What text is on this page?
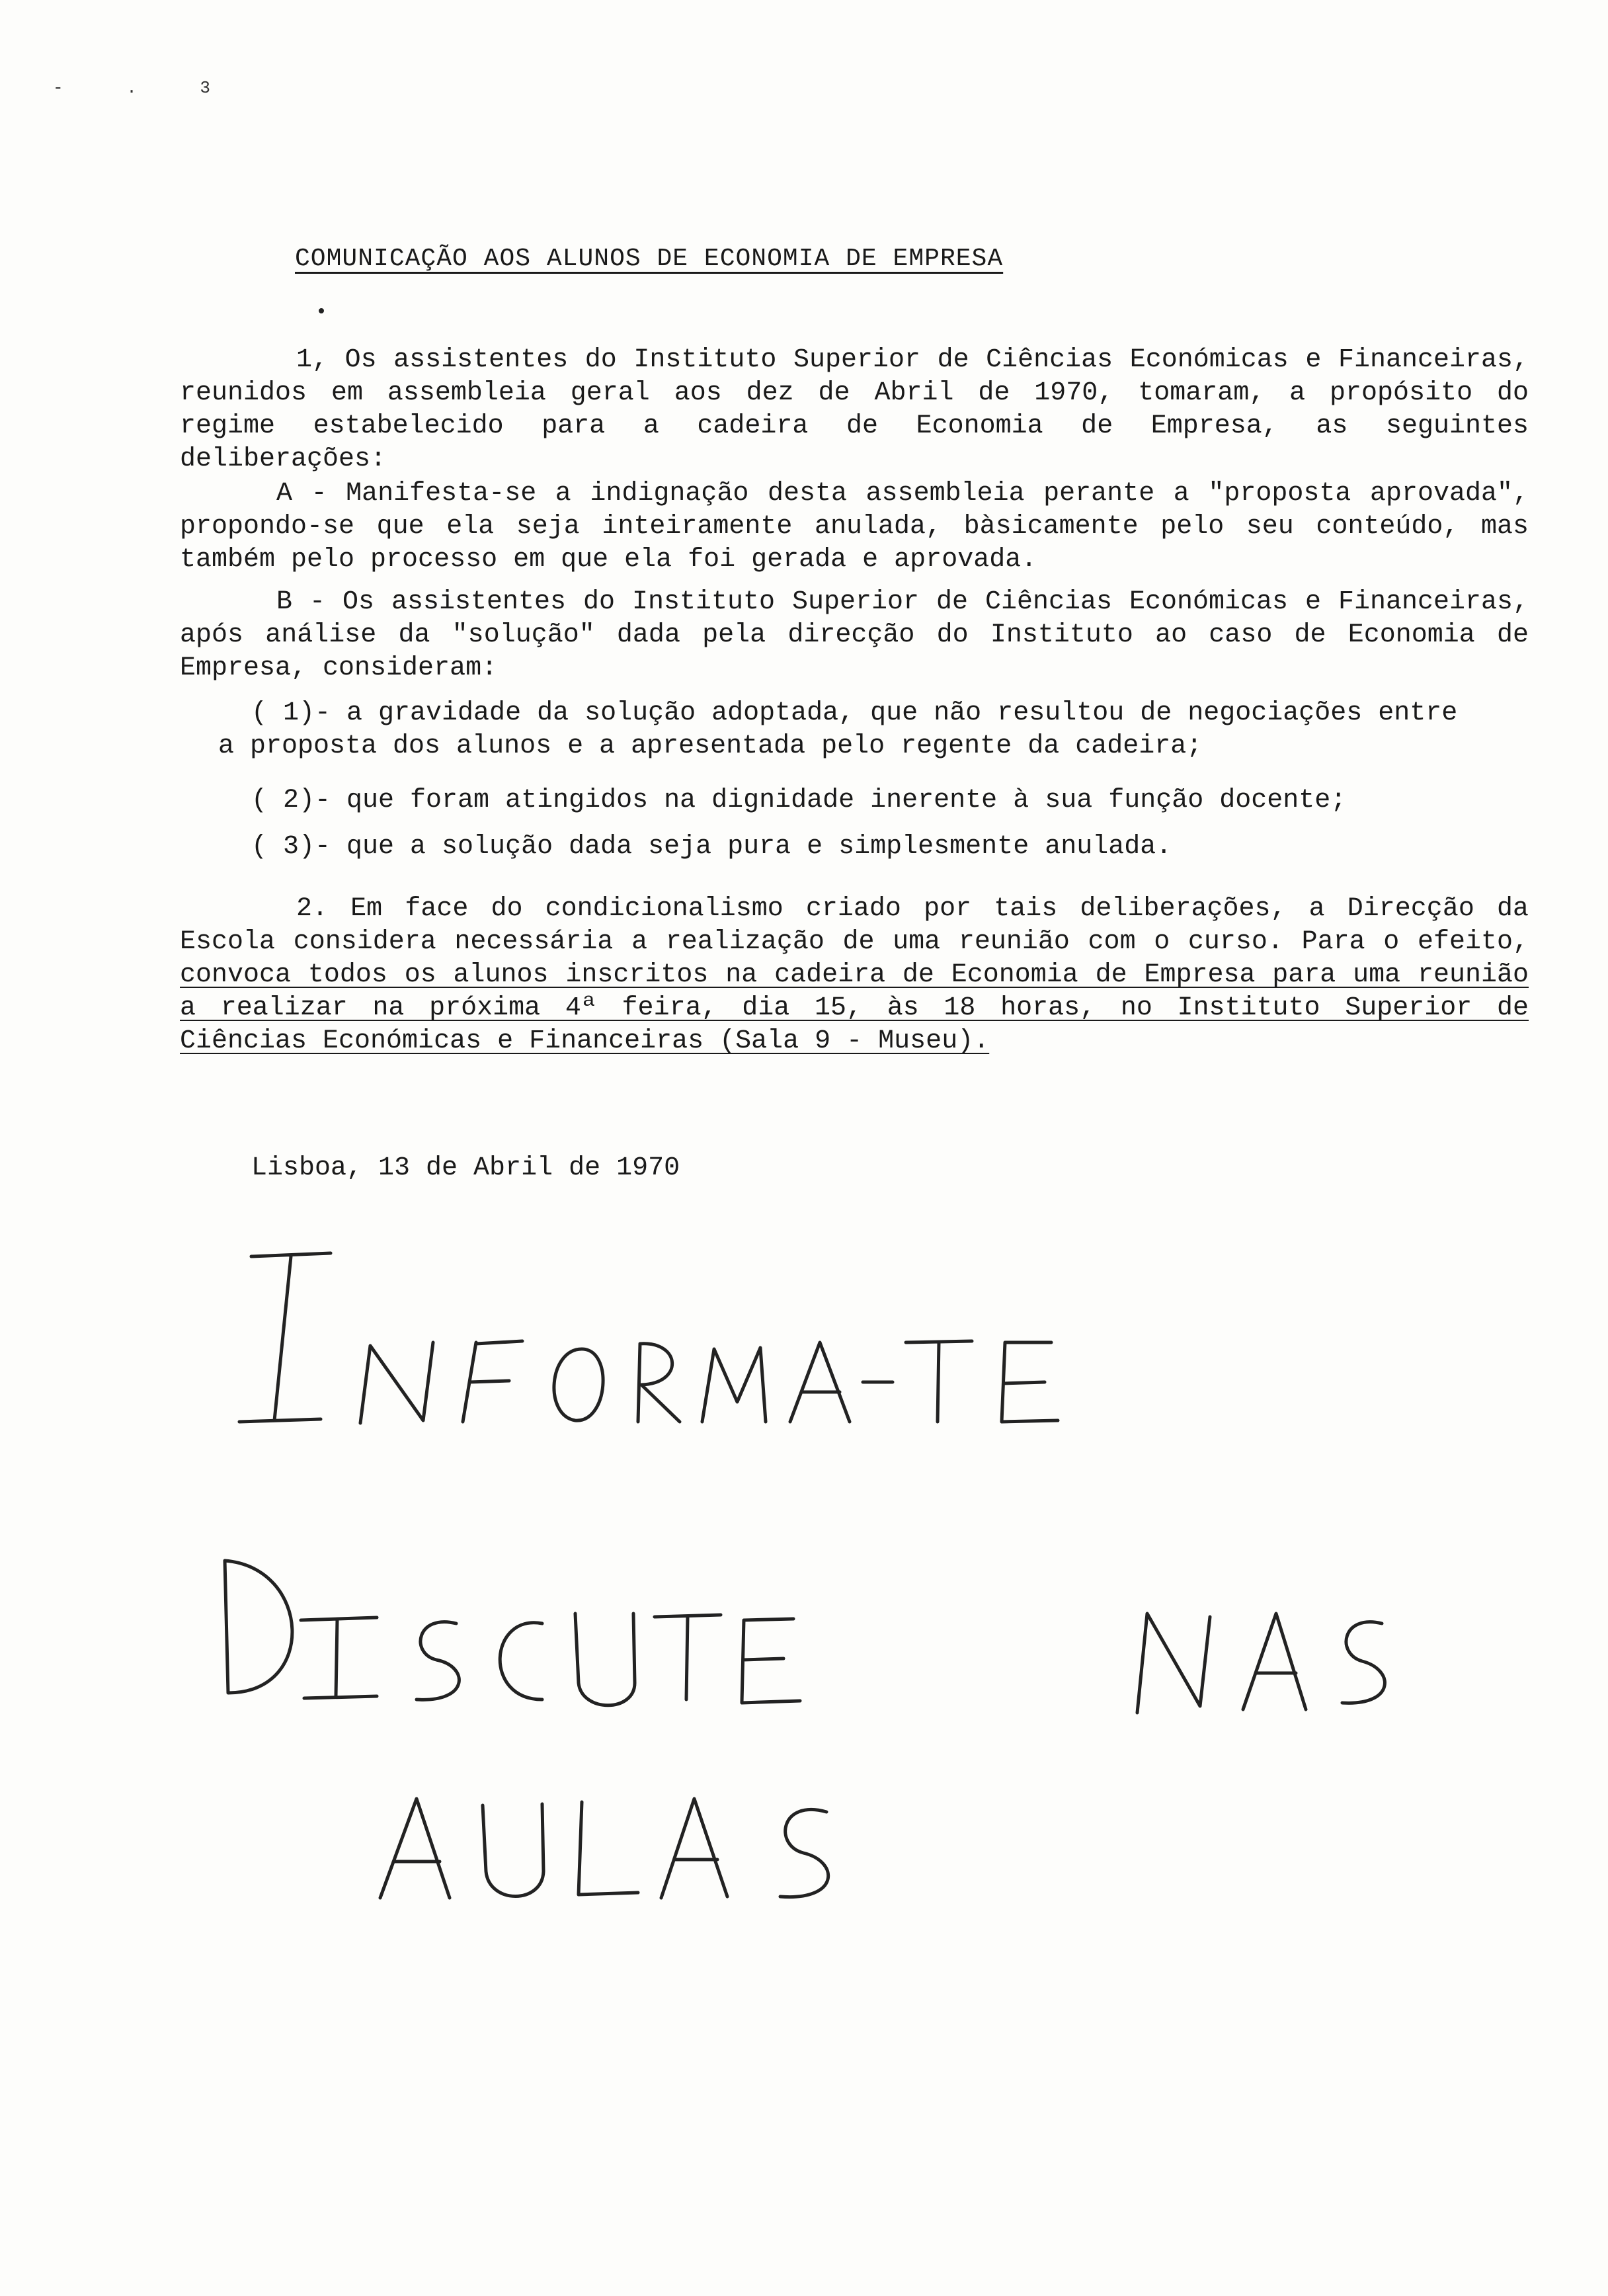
- . 3
COMUNICAÇÃO AOS ALUNOS DE ECONOMIA DE EMPRESA

1, Os assistentes do Instituto Superior de Ciências Económicas e Financeiras, reunidos em assembleia geral aos dez de Abril de 1970, tomaram, a propósito do regime estabelecido para a cadeira de Economia de Empresa, as seguintes deliberações:

A - Manifesta-se a indignação desta assembleia perante a "proposta aprovada", propondo-se que ela seja inteiramente anulada, bàsicamente pelo seu conteúdo, mas também pelo processo em que ela foi gerada e aprovada.

B - Os assistentes do Instituto Superior de Ciências Económicas e Financeiras, após análise da "solução" dada pela direcção do Instituto ao caso de Economia de Empresa, consideram:

( 1)- a gravidade da solução adoptada, que não resultou de negociações entre

a proposta dos alunos e a apresentada pelo regente da cadeira;

( 2)- que foram atingidos na dignidade inerente à sua função docente;

( 3)- que a solução dada seja pura e simplesmente anulada.

2. Em face do condicionalismo criado por tais deliberações, a Direcção da Escola considera necessária a realização de uma reunião com o curso. Para o efeito, convoca todos os alunos inscritos na cadeira de Economia de Empresa para uma reunião a realizar na próxima 4ª feira, dia 15, às 18 horas, no Instituto Superior de Ciências Económicas e Financeiras (Sala 9 - Museu).

Lisboa, 13 de Abril de 1970
